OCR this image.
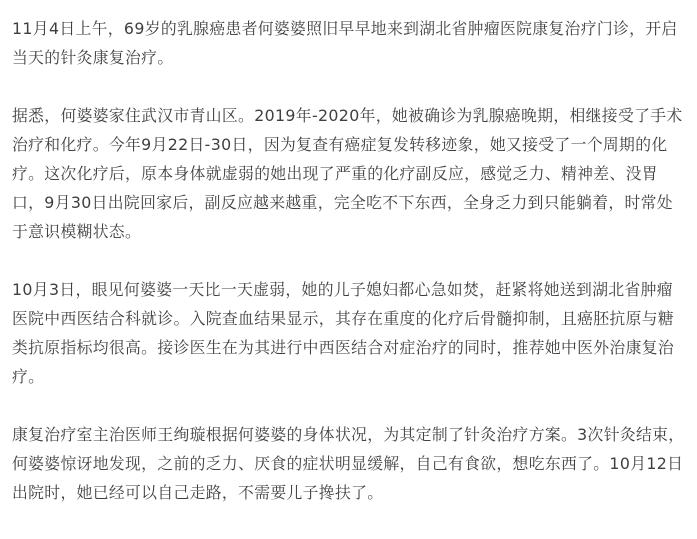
11月4日上午，69岁的乳腺癌患者何婆婆照旧早早地来到湖北省肿瘤医院康复治疗门诊，开启
当天的针灸康复治疗。

据悉，何婆婆家住武汉市青山区。2019年-2020年，她被确诊为乳腺癌晚期，相继接受了手术
治疗和化疗。今年9月22日-30日，因为复查有癌症复发转移迹象，她又接受了一个周期的化
疗。这次化疗后，原本身体就虚弱的她出现了严重的化疗副反应，感觉乏力、精神差、没胃
口，9月30日出院回家后，副反应越来越重，完全吃不下东西，全身乏力到只能躺着，时常处
于意识模糊状态。

10月3日，眼见何婆婆一天比一天虚弱，她的儿子媳妇都心急如焚，赶紧将她送到湖北省肿瘤
医院中西医结合科就诊。入院查血结果显示，其存在重度的化疗后骨髓抑制，且癌胚抗原与糖
类抗原指标均很高。接诊医生在为其进行中西医结合对症治疗的同时，推荐她中医外治康复治
疗。

康复治疗室主治医师王绚璇根据何婆婆的身体状况，为其定制了针灸治疗方案。3次针灸结束，
何婆婆惊讶地发现，之前的乏力、厌食的症状明显缓解，自己有食欲，想吃东西了。10月12日
出院时，她已经可以自己走路，不需要儿子搀扶了。
